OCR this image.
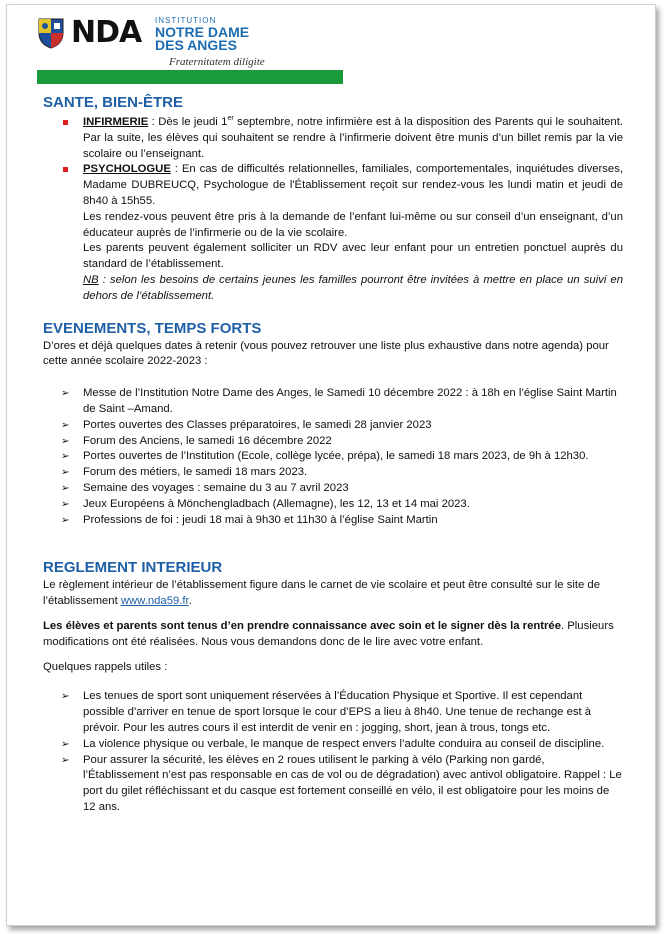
NDA INSTITUTION
NOTRE DAME
DES ANGES
Fraternitatem diligite
SANTE, BIEN-ÊTRE
INFIRMERIE : Dès le jeudi 1er septembre, notre infirmière est à la disposition des Parents qui le souhaitent. Par la suite, les élèves qui souhaitent se rendre à l’infirmerie doivent être munis d’un billet remis par la vie scolaire ou l’enseignant.
PSYCHOLOGUE : En cas de difficultés relationnelles, familiales, comportementales, inquiétudes diverses, Madame DUBREUCQ, Psychologue de l'Établissement reçoit sur rendez-vous les lundi matin et jeudi de 8h40 à 15h55.

Les rendez-vous peuvent être pris à la demande de l’enfant lui-même ou sur conseil d’un enseignant, d’un éducateur auprès de l’infirmerie ou de la vie scolaire.

Les parents peuvent également solliciter un RDV avec leur enfant pour un entretien ponctuel auprès du standard de l’établissement.

NB : selon les besoins de certains jeunes les familles pourront être invitées à mettre en place un suivi en dehors de l’établissement.

EVENEMENTS, TEMPS FORTS

D’ores et déjà quelques dates à retenir (vous pouvez retrouver une liste plus exhaustive dans notre agenda) pour cette année scolaire 2022-2023 :

➢ Messe de l’Institution Notre Dame des Anges, le Samedi 10 décembre 2022 : à 18h en l’église Saint Martin de Saint –Amand.
➢ Portes ouvertes des Classes préparatoires, le samedi 28 janvier 2023
➢ Forum des Anciens, le samedi 16 décembre 2022
➢ Portes ouvertes de l’Institution (Ecole, collège lycée, prépa), le samedi 18 mars 2023, de 9h à 12h30.
➢ Forum des métiers, le samedi 18 mars 2023.
➢ Semaine des voyages : semaine du 3 au 7 avril 2023
➢ Jeux Européens à Mönchengladbach (Allemagne), les 12, 13 et 14 mai 2023.
➢ Professions de foi : jeudi 18 mai à 9h30 et 11h30 à l’église Saint Martin
REGLEMENT INTERIEUR

Le règlement intérieur de l’établissement figure dans le carnet de vie scolaire et peut être consulté sur le site de l’établissement www.nda59.fr.

Les élèves et parents sont tenus d’en prendre connaissance avec soin et le signer dès la rentrée. Plusieurs modifications ont été réalisées. Nous vous demandons donc de le lire avec votre enfant.

Quelques rappels utiles :

➢ Les tenues de sport sont uniquement réservées à l’Éducation Physique et Sportive. Il est cependant possible d’arriver en tenue de sport lorsque le cour d’EPS a lieu à 8h40. Une tenue de rechange est à prévoir. Pour les autres cours il est interdit de venir en : jogging, short, jean à trous, tongs etc.
➢ La violence physique ou verbale, le manque de respect envers l’adulte conduira au conseil de discipline.
➢ Pour assurer la sécurité, les élèves en 2 roues utilisent le parking à vélo (Parking non gardé, l’Établissement n’est pas responsable en cas de vol ou de dégradation) avec antivol obligatoire. Rappel : Le port du gilet réfléchissant et du casque est fortement conseillé en vélo, il est obligatoire pour les moins de 12 ans.
